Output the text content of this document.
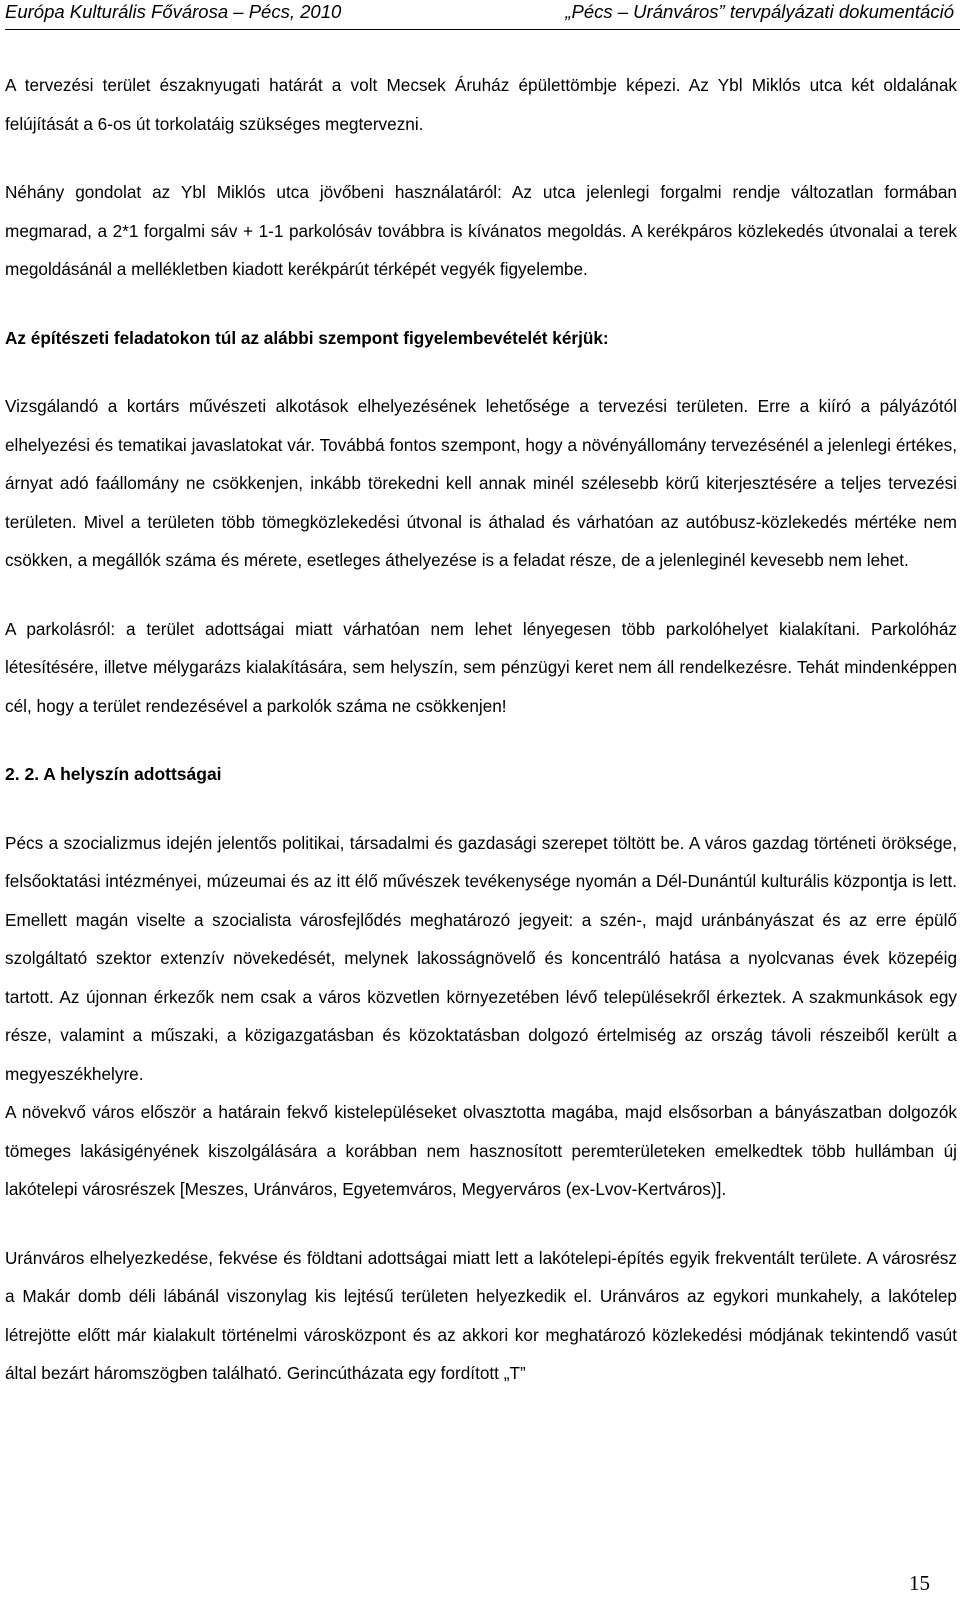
Európa Kulturális Fővárosa – Pécs, 2010	„Pécs – Uránváros” tervpályázati dokumentáció

A tervezési terület északnyugati határát a volt Mecsek Áruház épülettömbje képezi. Az Ybl Miklós utca két oldalának felújítását a 6-os út torkolatáig szükséges megtervezni.

Néhány gondolat az Ybl Miklós utca jövőbeni használatáról: Az utca jelenlegi forgalmi rendje változatlan formában megmarad, a 2*1 forgalmi sáv + 1-1 parkolósáv továbbra is kívánatos megoldás. A kerékpáros közlekedés útvonalai a terek megoldásánál a mellékletben kiadott kerékpárút térképét vegyék figyelembe.

Az építészeti feladatokon túl az alábbi szempont figyelembevételét kérjük:

Vizsgálandó a kortárs művészeti alkotások elhelyezésének lehetősége a tervezési területen. Erre a kiíró a pályázótól elhelyezési és tematikai javaslatokat vár. Továbbá fontos szempont, hogy a növényállomány tervezésénél a jelenlegi értékes, árnyat adó faállomány ne csökkenjen, inkább törekedni kell annak minél szélesebb körű kiterjesztésére a teljes tervezési területen. Mivel a területen több tömegközlekedési útvonal is áthalad és várhatóan az autóbusz-közlekedés mértéke nem csökken, a megállók száma és mérete, esetleges áthelyezése is a feladat része, de a jelenleginél kevesebb nem lehet.

A parkolásról: a terület adottságai miatt várhatóan nem lehet lényegesen több parkolóhelyet kialakítani. Parkolóház létesítésére, illetve mélygarázs kialakítására, sem helyszín, sem pénzügyi keret nem áll rendelkezésre. Tehát mindenképpen cél, hogy a terület rendezésével a parkolók száma ne csökkenjen!

2. 2. A helyszín adottságai

Pécs a szocializmus idején jelentős politikai, társadalmi és gazdasági szerepet töltött be. A város gazdag történeti öröksége, felsőoktatási intézményei, múzeumai és az itt élő művészek tevékenysége nyomán a Dél-Dunántúl kulturális központja is lett. Emellett magán viselte a szocialista városfejlődés meghatározó jegyeit: a szén-, majd uránbányászat és az erre épülő szolgáltató szektor extenzív növekedését, melynek lakosságnövelő és koncentráló hatása a nyolcvanas évek közepéig tartott. Az újonnan érkezők nem csak a város közvetlen környezetében lévő településekről érkeztek. A szakmunkások egy része, valamint a műszaki, a közigazgatásban és közoktatásban dolgozó értelmiség az ország távoli részeiből került a megyeszékhelyre.

A növekvő város először a határain fekvő kistelepüléseket olvasztotta magába, majd elsősorban a bányászatban dolgozók tömeges lakásigényének kiszolgálására a korábban nem hasznosított peremterületeken emelkedtek több hullámban új lakótelepi városrészek [Meszes, Uránváros, Egyetemváros, Megyerváros (ex-Lvov-Kertváros)].

Uránváros elhelyezkedése, fekvése és földtani adottságai miatt lett a lakótelepi-építés egyik frekventált területe. A városrész a Makár domb déli lábánál viszonylag kis lejtésű területen helyezkedik el. Uránváros az egykori munkahely, a lakótelep létrejötte előtt már kialakult történelmi városközpont és az akkori kor meghatározó közlekedési módjának tekintendő vasút által bezárt háromszögben található. Gerincútházata egy fordított „T”

15
